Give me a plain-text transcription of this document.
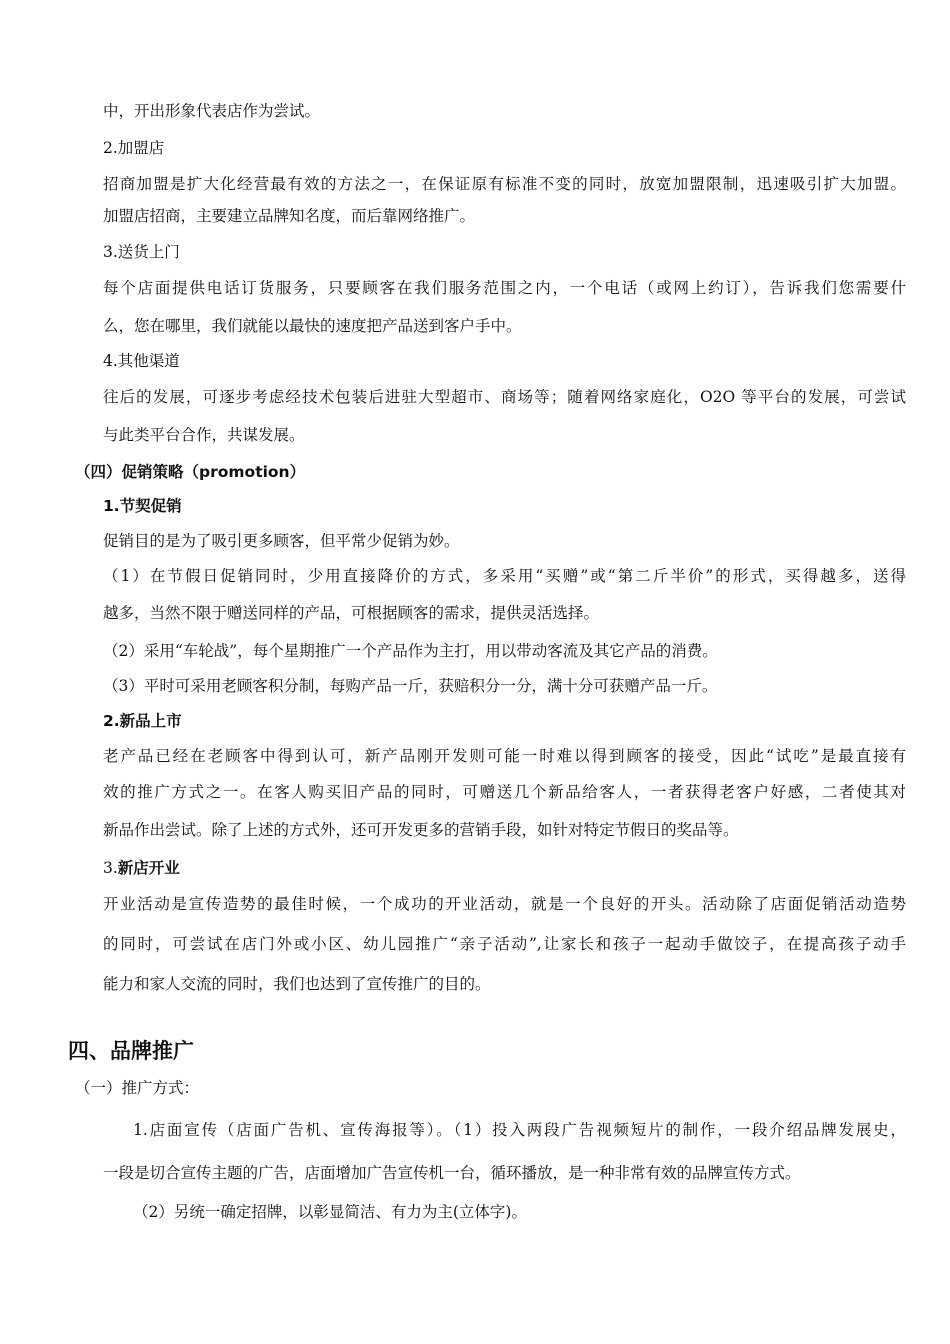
中，开出形象代表店作为尝试。
2.加盟店
招商加盟是扩大化经营最有效的方法之一，在保证原有标准不变的同时，放宽加盟限制，迅速吸引扩大加盟。
加盟店招商，主要建立品牌知名度，而后靠网络推广。
3.送货上门
每个店面提供电话订货服务，只要顾客在我们服务范围之内，一个电话（或网上约订），告诉我们您需要什
么，您在哪里，我们就能以最快的速度把产品送到客户手中。
4.其他渠道
往后的发展，可逐步考虑经技术包装后进驻大型超市、商场等；随着网络家庭化，O2O 等平台的发展，可尝试
与此类平台合作，共谋发展。
（四）促销策略（promotion）
1.节契促销
促销目的是为了吸引更多顾客，但平常少促销为妙。
（1）在节假日促销同时，少用直接降价的方式，多采用“买赠”或“第二斤半价”的形式，买得越多，送得
越多，当然不限于赠送同样的产品，可根据顾客的需求，提供灵活选择。
（2）采用“车轮战”，每个星期推广一个产品作为主打，用以带动客流及其它产品的消费。
（3）平时可采用老顾客积分制，每购产品一斤，获赔积分一分，满十分可获赠产品一斤。
2.新品上市
老产品已经在老顾客中得到认可，新产品刚开发则可能一时难以得到顾客的接受，因此“试吃”是最直接有
效的推广方式之一。在客人购买旧产品的同时，可赠送几个新品给客人，一者获得老客户好感，二者使其对
新品作出尝试。除了上述的方式外，还可开发更多的营销手段，如针对特定节假日的奖品等。
3.新店开业
开业活动是宣传造势的最佳时候，一个成功的开业活动，就是一个良好的开头。活动除了店面促销活动造势
的同时，可尝试在店门外或小区、幼儿园推广“亲子活动”,让家长和孩子一起动手做饺子，在提高孩子动手
能力和家人交流的同时，我们也达到了宣传推广的目的。
四、品牌推广
（一）推广方式：
1.店面宣传（店面广告机、宣传海报等）。（1）投入两段广告视频短片的制作，一段介绍品牌发展史，
一段是切合宣传主题的广告，店面增加广告宣传机一台，循环播放，是一种非常有效的品牌宣传方式。
（2）另统一确定招牌，以彰显简洁、有力为主(立体字)。
